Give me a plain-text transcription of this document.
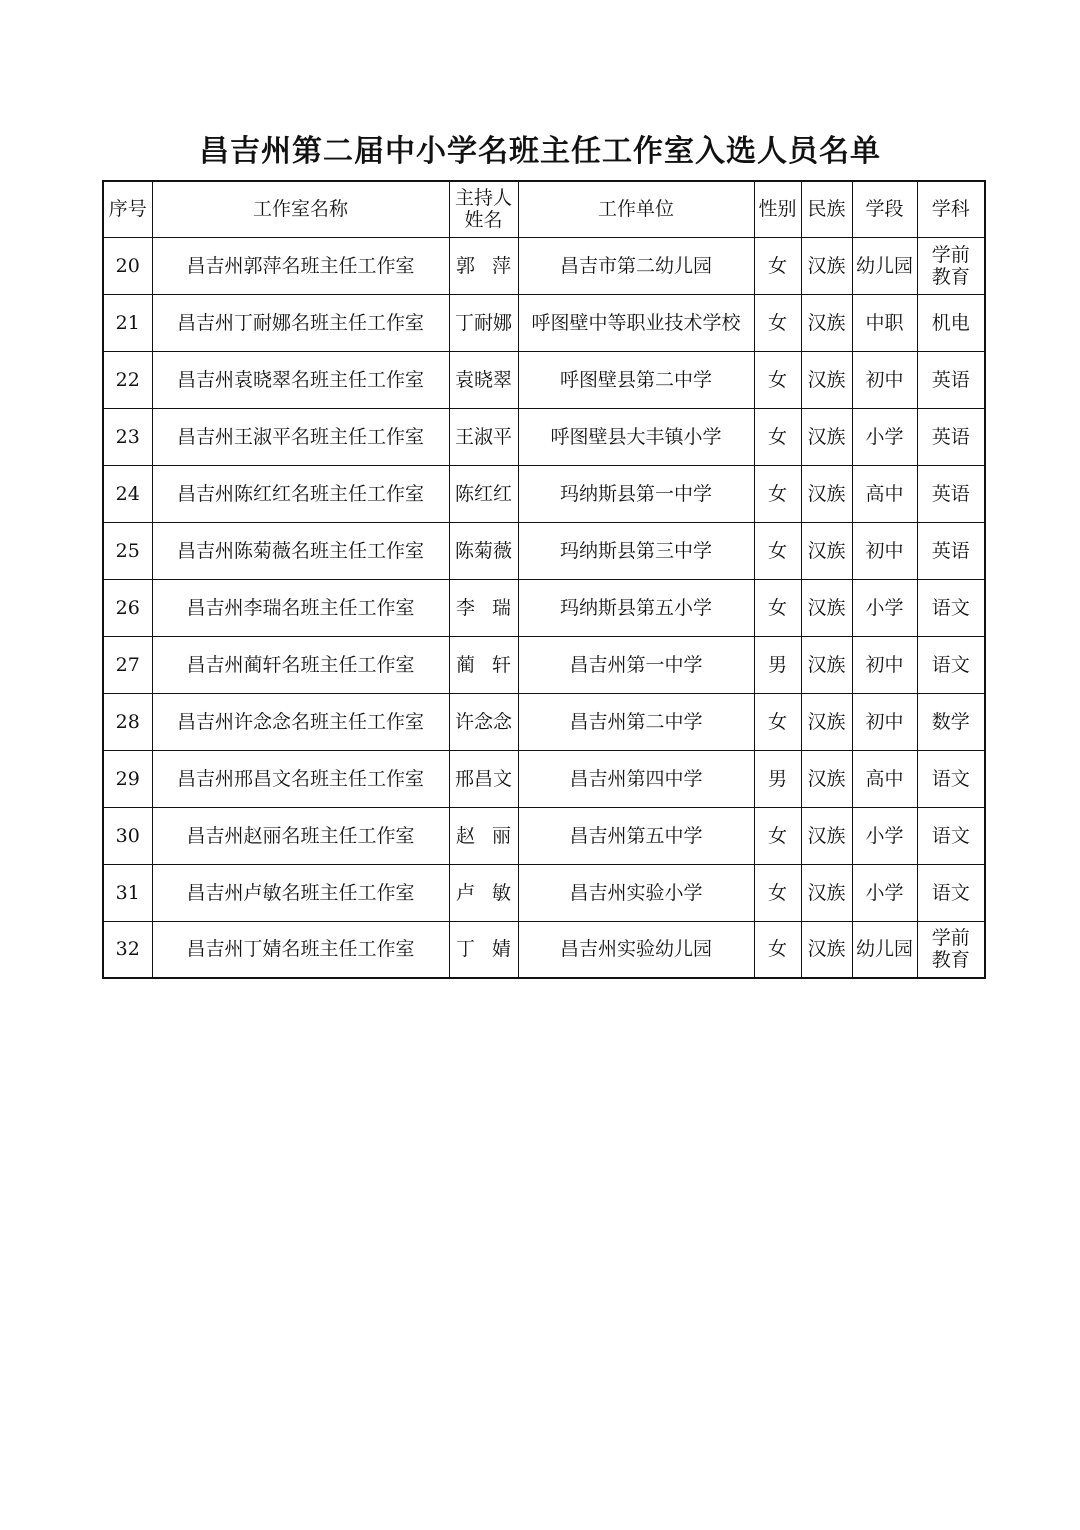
昌吉州第二届中小学名班主任工作室入选人员名单
序号	工作室名称	主持人姓名	工作单位	性别	民族	学段	学科
20	昌吉州郭萍名班主任工作室	郭萍	昌吉市第二幼儿园	女	汉族	幼儿园	学前教育
21	昌吉州丁耐娜名班主任工作室	丁耐娜	呼图壁中等职业技术学校	女	汉族	中职	机电
22	昌吉州袁晓翠名班主任工作室	袁晓翠	呼图壁县第二中学	女	汉族	初中	英语
23	昌吉州王淑平名班主任工作室	王淑平	呼图壁县大丰镇小学	女	汉族	小学	英语
24	昌吉州陈红红名班主任工作室	陈红红	玛纳斯县第一中学	女	汉族	高中	英语
25	昌吉州陈菊薇名班主任工作室	陈菊薇	玛纳斯县第三中学	女	汉族	初中	英语
26	昌吉州李瑞名班主任工作室	李瑞	玛纳斯县第五小学	女	汉族	小学	语文
27	昌吉州蔺轩名班主任工作室	蔺轩	昌吉州第一中学	男	汉族	初中	语文
28	昌吉州许念念名班主任工作室	许念念	昌吉州第二中学	女	汉族	初中	数学
29	昌吉州邢昌文名班主任工作室	邢昌文	昌吉州第四中学	男	汉族	高中	语文
30	昌吉州赵丽名班主任工作室	赵丽	昌吉州第五中学	女	汉族	小学	语文
31	昌吉州卢敏名班主任工作室	卢敏	昌吉州实验小学	女	汉族	小学	语文
32	昌吉州丁婧名班主任工作室	丁婧	昌吉州实验幼儿园	女	汉族	幼儿园	学前教育
